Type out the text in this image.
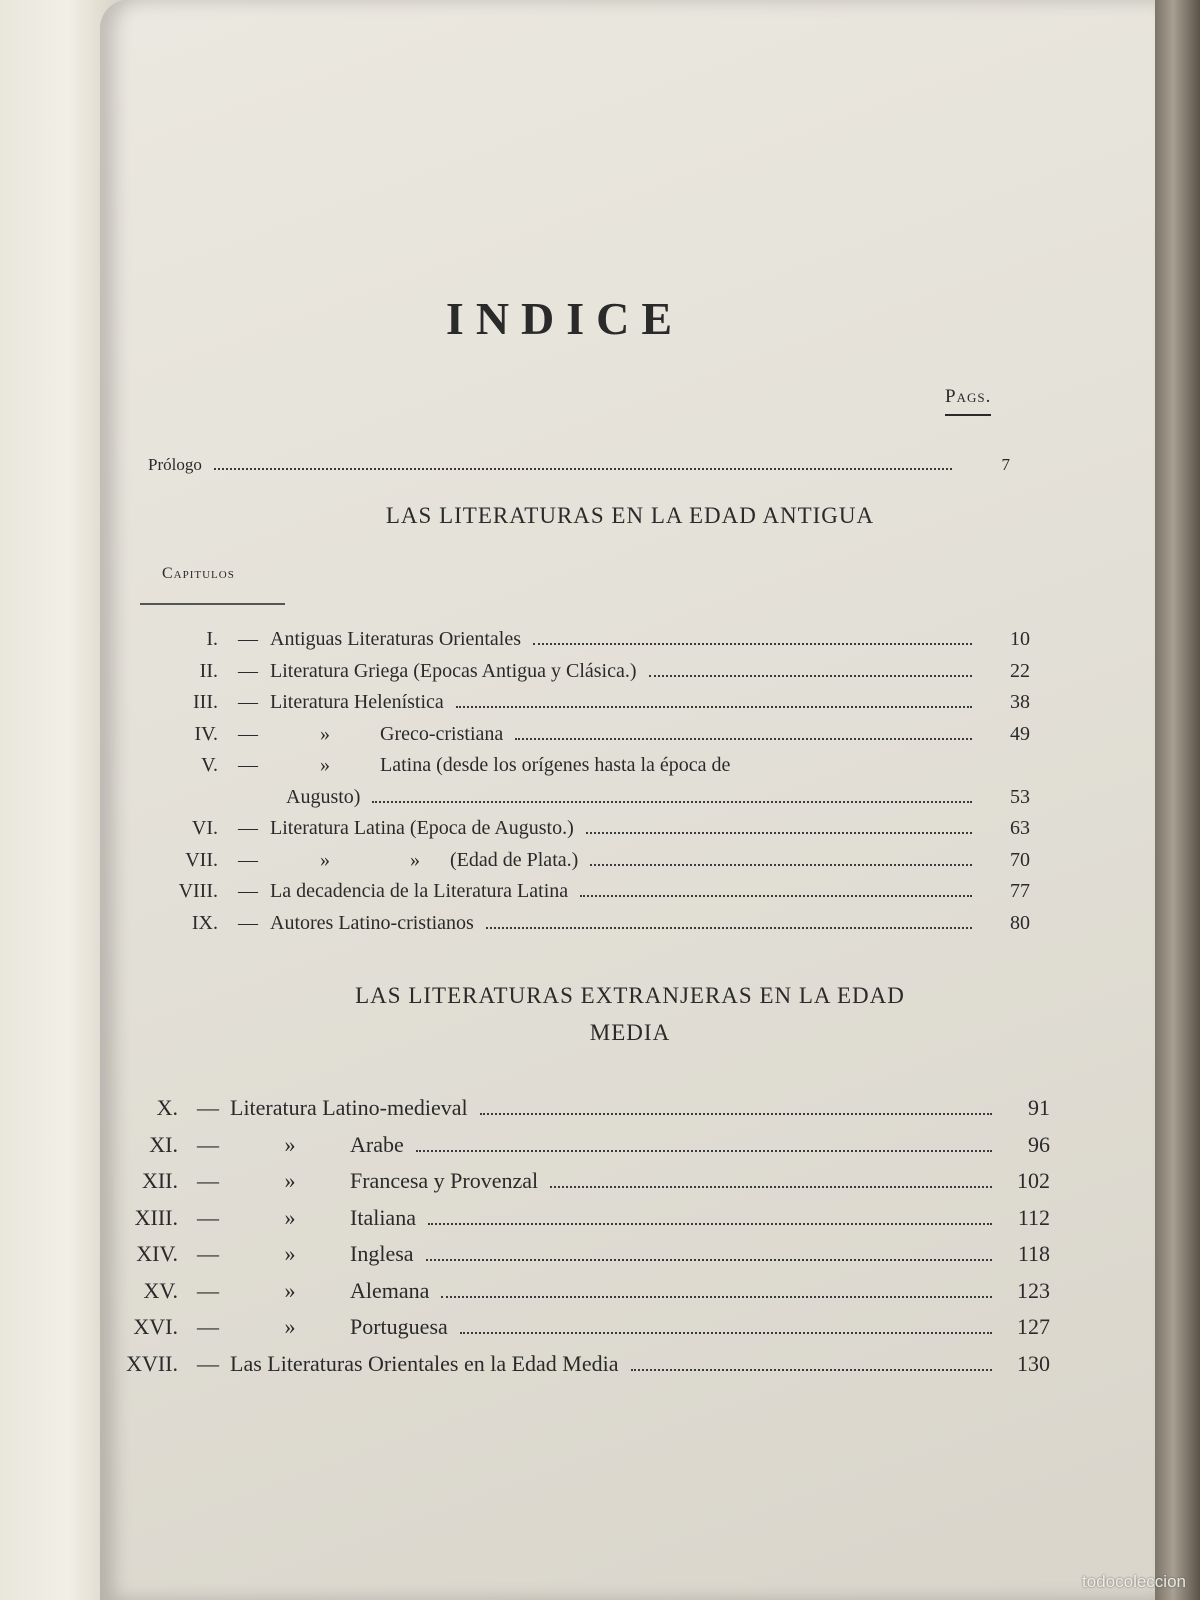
INDICE
Pags.
Prólogo	7
LAS LITERATURAS EN LA EDAD ANTIGUA
Capitulos
I.	— Antiguas Literaturas Orientales	10
II.	— Literatura Griega (Epocas Antigua y Clásica.)	22
III.	— Literatura Helenística	38
IV.	—	»	Greco-cristiana	49
V.	—	»	Latina (desde los orígenes hasta la época de
Augusto)	53
VI.	— Literatura Latina (Epoca de Augusto.)	63
VII.	—	»	»	(Edad de Plata.)	70
VIII.	— La decadencia de la Literatura Latina	77
IX.	— Autores Latino-cristianos	80
LAS LITERATURAS EXTRANJERAS EN LA EDAD
MEDIA
X. — Literatura Latino-medieval	91
XI. —	»	Arabe	96
XII. —	»	Francesa y Provenzal	102
XIII. —	»	Italiana	112
XIV. —	»	Inglesa	118
XV. —	»	Alemana	123
XVI. —	»	Portuguesa	127
XVII. — Las Literaturas Orientales en la Edad Media	130
todocoleccion
